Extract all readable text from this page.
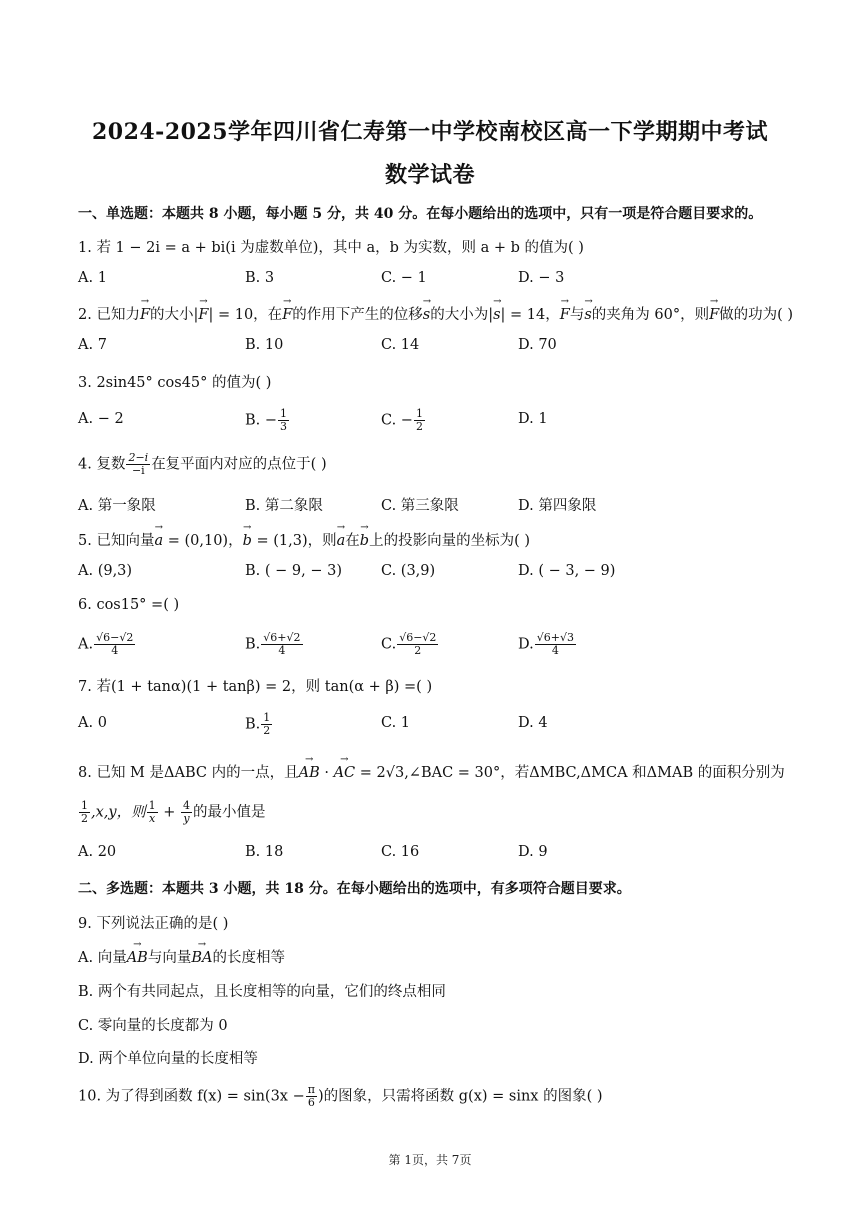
2024-2025学年四川省仁寿第一中学校南校区高一下学期期中考试
数学试卷
一、单选题：本题共 8 小题，每小题 5 分，共 40 分。在每小题给出的选项中，只有一项是符合题目要求的。
1. 若 1 − 2i = a + bi(i 为虚数单位)，其中 a，b 为实数，则 a + b 的值为( )
A. 1	B. 3	C. − 1	D. − 3
2. 已知力→ F的大小|→ F| = 10，在→ F的作用下产生的位移→ s的大小为|→ s| = 14，→ F与→ s的夹角为 60°，则→ F做的功为( )
A. 7	B. 10	C. 14	D. 70
3. 2sin45° cos45° 的值为( )
A. − 2	B. − $\frac{1}{3}$	C. − $\frac{1}{2}$	D. 1
4. 复数 $\frac{2-i}{-i}$ 在复平面内对应的点位于( )
A. 第一象限	B. 第二象限	C. 第三象限	D. 第四象限
5. 已知向量→ a = (0,10)，→ b = (1,3)，则→ a在→ b上的投影向量的坐标为( )
A. (9,3)	B. ( − 9, − 3)	C. (3,9)	D. ( − 3, − 9)
6. cos15° =( )
A. $\frac{√6-√2}{4}$	B. $\frac{√6+√2}{4}$	C. $\frac{√6-√2}{2}$	D. $\frac{√6+√3}{4}$
7. 若(1 + tanα)(1 + tanβ) = 2，则 tan(α + β) =( )
A. 0	B. $\frac{1}{2}$	C. 1	D. 4
8. 已知 M 是ΔABC 内的一点，且→ AB · → AC = 2√3,∠BAC = 30°，若ΔMBC,ΔMCA 和ΔMAB 的面积分别为
$\frac{1}{2} ,x,y$，则 $\frac{1}{x} + \frac{4}{y}$ 的最小值是
A. 20	B. 18	C. 16	D. 9
二、多选题：本题共 3 小题，共 18 分。在每小题给出的选项中，有多项符合题目要求。
9. 下列说法正确的是( )
A. 向量→ AB与向量→ BA的长度相等
B. 两个有共同起点，且长度相等的向量，它们的终点相同
C. 零向量的长度都为 0
D. 两个单位向量的长度相等
10. 为了得到函数 $f(x) = \sin(3x - \frac{\pi}{6}$ )的图象，只需将函数 g(x) = sinx 的图象( )
第 1页，共 7页
